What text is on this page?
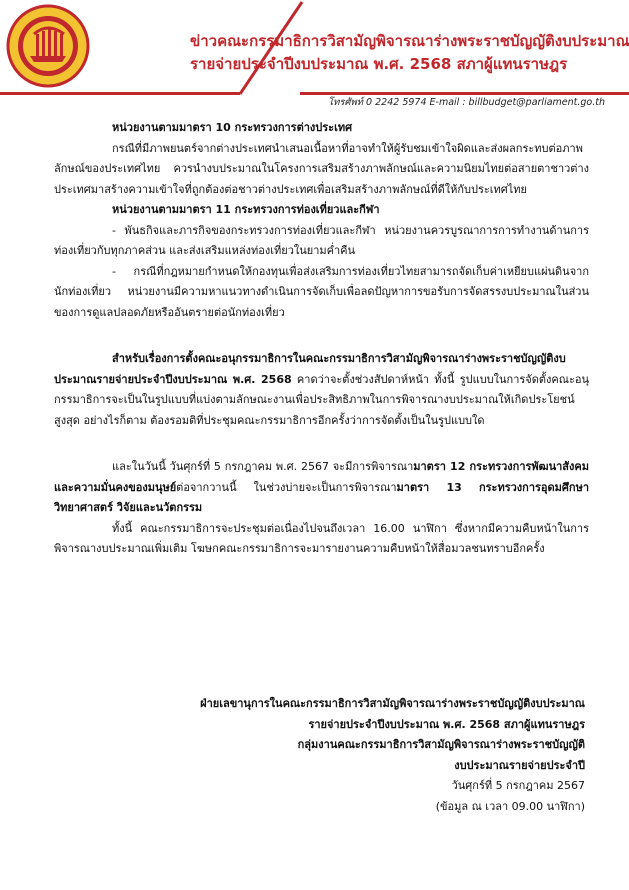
ข่าวคณะกรรมาธิการวิสามัญพิจารณาร่างพระราชบัญญัติงบประมาณ
รายจ่ายประจำปีงบประมาณ พ.ศ. 2568 สภาผู้แทนราษฎร
โทรศัพท์ 0 2242 5974 E-mail : billbudget@parliament.go.th

หน่วยงานตามมาตรา 10 กระทรวงการต่างประเทศ

กรณีที่มีภาพยนตร์จากต่างประเทศนำเสนอเนื้อหาที่อาจทำให้ผู้รับชมเข้าใจผิดและส่งผลกระทบต่อภาพลักษณ์ของประเทศไทย ควรนำงบประมาณในโครงการเสริมสร้างภาพลักษณ์และความนิยมไทยต่อสายตาชาวต่างประเทศมาสร้างความเข้าใจที่ถูกต้องต่อชาวต่างประเทศเพื่อเสริมสร้างภาพลักษณ์ที่ดีให้กับประเทศไทย

หน่วยงานตามมาตรา 11 กระทรวงการท่องเที่ยวและกีฬา

- พันธกิจและภารกิจของกระทรวงการท่องเที่ยวและกีฬา หน่วยงานควรบูรณาการการทำงานด้านการท่องเที่ยวกับทุกภาคส่วน และส่งเสริมแหล่งท่องเที่ยวในยามค่ำคืน

- กรณีที่กฎหมายกำหนดให้กองทุนเพื่อส่งเสริมการท่องเที่ยวไทยสามารถจัดเก็บค่าเหยียบแผ่นดินจากนักท่องเที่ยว หน่วยงานมีความหาแนวทางดำเนินการจัดเก็บเพื่อลดปัญหาการขอรับการจัดสรรงบประมาณในส่วนของการดูแลปลอดภัยหรืออันตรายต่อนักท่องเที่ยว

สำหรับเรื่องการตั้งคณะอนุกรรมาธิการในคณะกรรมาธิการวิสามัญพิจารณาร่างพระราชบัญญัติงบประมาณรายจ่ายประจำปีงบประมาณ พ.ศ. 2568 คาดว่าจะตั้งช่วงสัปดาห์หน้า ทั้งนี้ รูปแบบในการจัดตั้งคณะอนุกรรมาธิการจะเป็นในรูปแบบที่แบ่งตามลักษณะงานเพื่อประสิทธิภาพในการพิจารณางบประมาณให้เกิดประโยชน์สูงสุด อย่างไรก็ตาม ต้องรอมติที่ประชุมคณะกรรมาธิการอีกครั้งว่าการจัดตั้งเป็นในรูปแบบใด

และในวันนี้ วันศุกร์ที่ 5 กรกฎาคม พ.ศ. 2567 จะมีการพิจารณามาตรา 12 กระทรวงการพัฒนาสังคมและความมั่นคงของมนุษย์ต่อจากวานนี้ ในช่วงบ่ายจะเป็นการพิจารณามาตรา 13 กระทรวงการอุดมศึกษา วิทยาศาสตร์ วิจัยและนวัตกรรม

ทั้งนี้ คณะกรรมาธิการจะประชุมต่อเนื่องไปจนถึงเวลา 16.00 นาฬิกา ซึ่งหากมีความคืบหน้าในการพิจารณางบประมาณเพิ่มเติม โฆษกคณะกรรมาธิการจะมารายงานความคืบหน้าให้สื่อมวลชนทราบอีกครั้ง

ฝ่ายเลขานุการในคณะกรรมาธิการวิสามัญพิจารณาร่างพระราชบัญญัติงบประมาณ

รายจ่ายประจำปีงบประมาณ พ.ศ. 2568 สภาผู้แทนราษฎร

กลุ่มงานคณะกรรมาธิการวิสามัญพิจารณาร่างพระราชบัญญัติ

งบประมาณรายจ่ายประจำปี

วันศุกร์ที่ 5 กรกฎาคม 2567

(ข้อมูล ณ เวลา 09.00 นาฬิกา)
